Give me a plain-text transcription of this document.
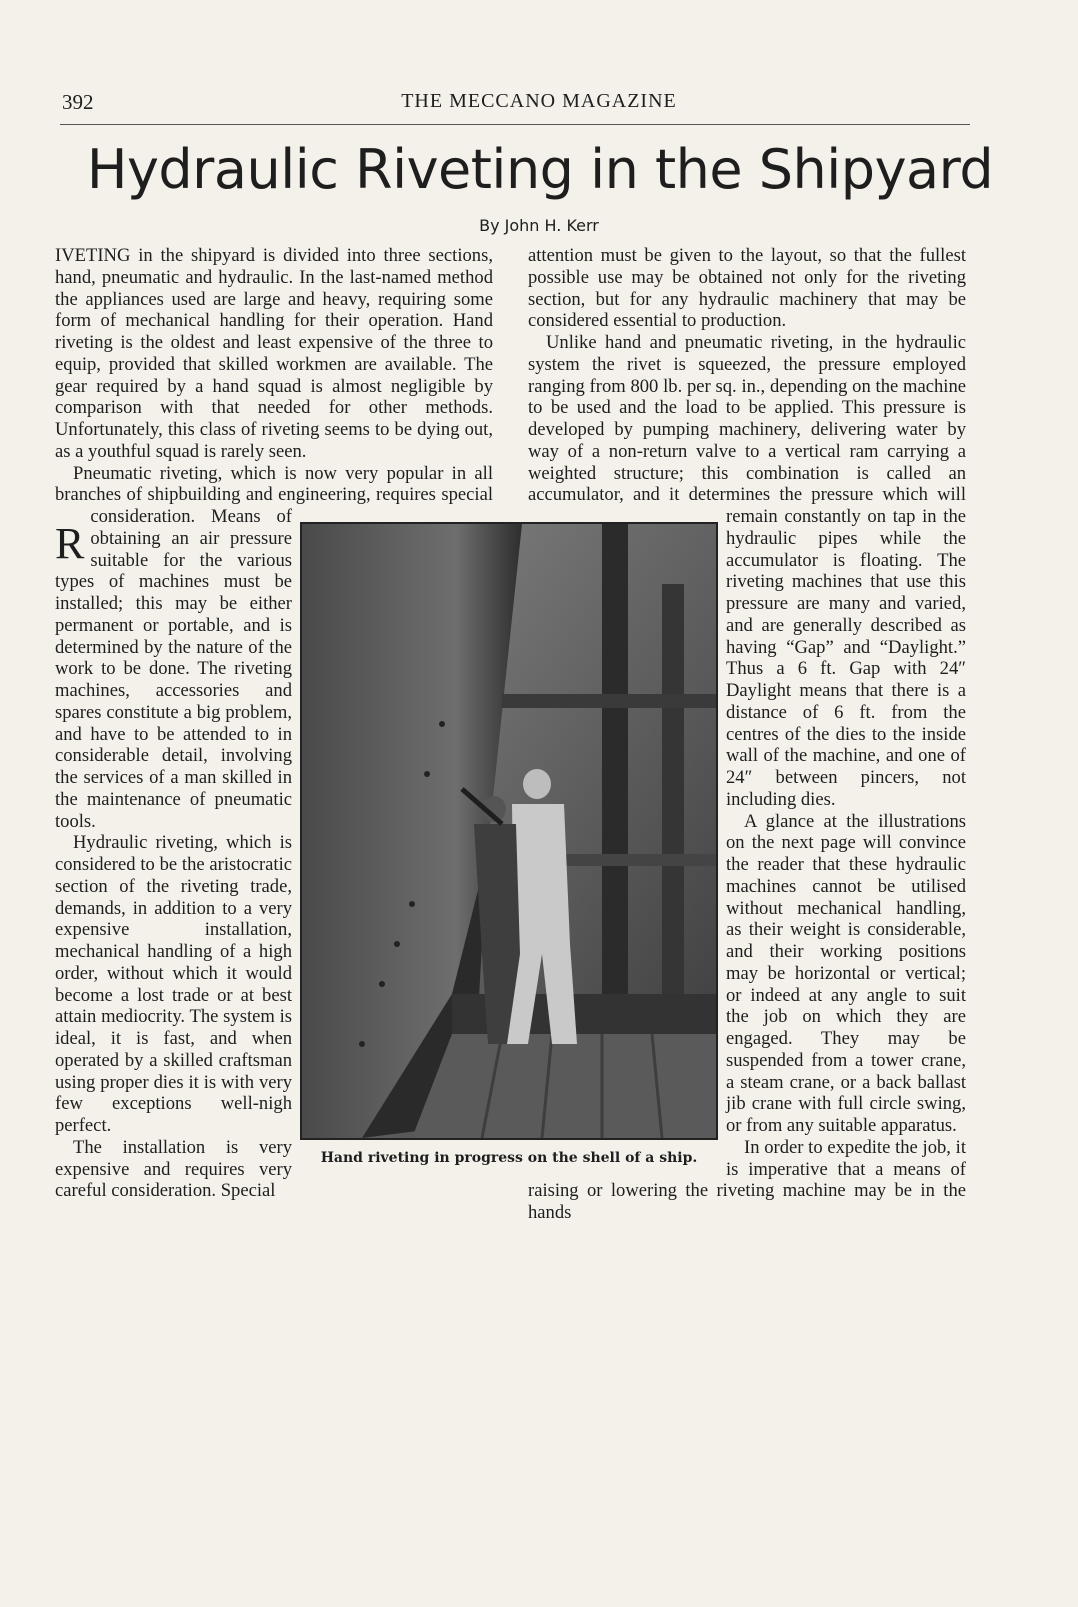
392	THE MECCANO MAGAZINE
Hydraulic Riveting in the Shipyard
By John H. Kerr

R
IVETING in the shipyard is divided into three sections, hand, pneumatic and hydraulic. In the last-named method the appliances used are large and heavy, requiring some form of mechanical handling for their operation. Hand riveting is the oldest and least expensive of the three to equip, provided that skilled workmen are available. The gear required by a hand squad is almost negligible by comparison with that needed for other methods. Unfortunately, this class of riveting seems to be dying out, as a youthful squad is rarely seen.

Pneumatic riveting, which is now very popular in all branches of shipbuilding and engineering, requires special consideration. Means of obtaining an air pressure suitable for the various types of machines must be installed; this may be either permanent or portable, and is determined by the nature of the work to be done. The riveting machines, accessories and spares constitute a big problem, and have to be attended to in considerable detail, involving the services of a man skilled in the maintenance of pneumatic tools.

Hydraulic riveting, which is considered to be the aristocratic section of the riveting trade, demands, in addition to a very expensive installation, mechanical handling of a high order, without which it would become a lost trade or at best attain mediocrity. The system is ideal, it is fast, and when operated by a skilled craftsman using proper dies it is with very few exceptions well-nigh perfect.

The installation is very expensive and requires very careful consideration. Special

attention must be given to the layout, so that the fullest possible use may be obtained not only for the riveting section, but for any hydraulic machinery that may be considered essential to production.

Unlike hand and pneumatic riveting, in the hydraulic system the rivet is squeezed, the pressure employed ranging from 800 lb. per sq. in., depending on the machine to be used and the load to be applied. This pressure is developed by pumping machinery, delivering water by way of a non-return valve to a vertical ram carrying a weighted structure; this combination is called an accumulator, and it determines the pressure which will remain constantly on tap in the hydraulic pipes while the accumulator is floating. The riveting machines that use this pressure are many and varied, and are generally described as having “Gap” and “Daylight.” Thus a 6 ft. Gap with 24″ Daylight means that there is a distance of 6 ft. from the centres of the dies to the inside wall of the machine, and one of 24″ between pincers, not including dies.

A glance at the illustrations on the next page will convince the reader that these hydraulic machines cannot be utilised without mechanical handling, as their weight is considerable, and their working positions may be horizontal or vertical; or indeed at any angle to suit the job on which they are engaged. They may be suspended from a tower crane, a steam crane, or a back ballast jib crane with full circle swing, or from any suitable apparatus.

In order to expedite the job, it is imperative that a means of raising or lowering the riveting machine may be in the hands

Hand riveting in progress on the shell of a ship.
